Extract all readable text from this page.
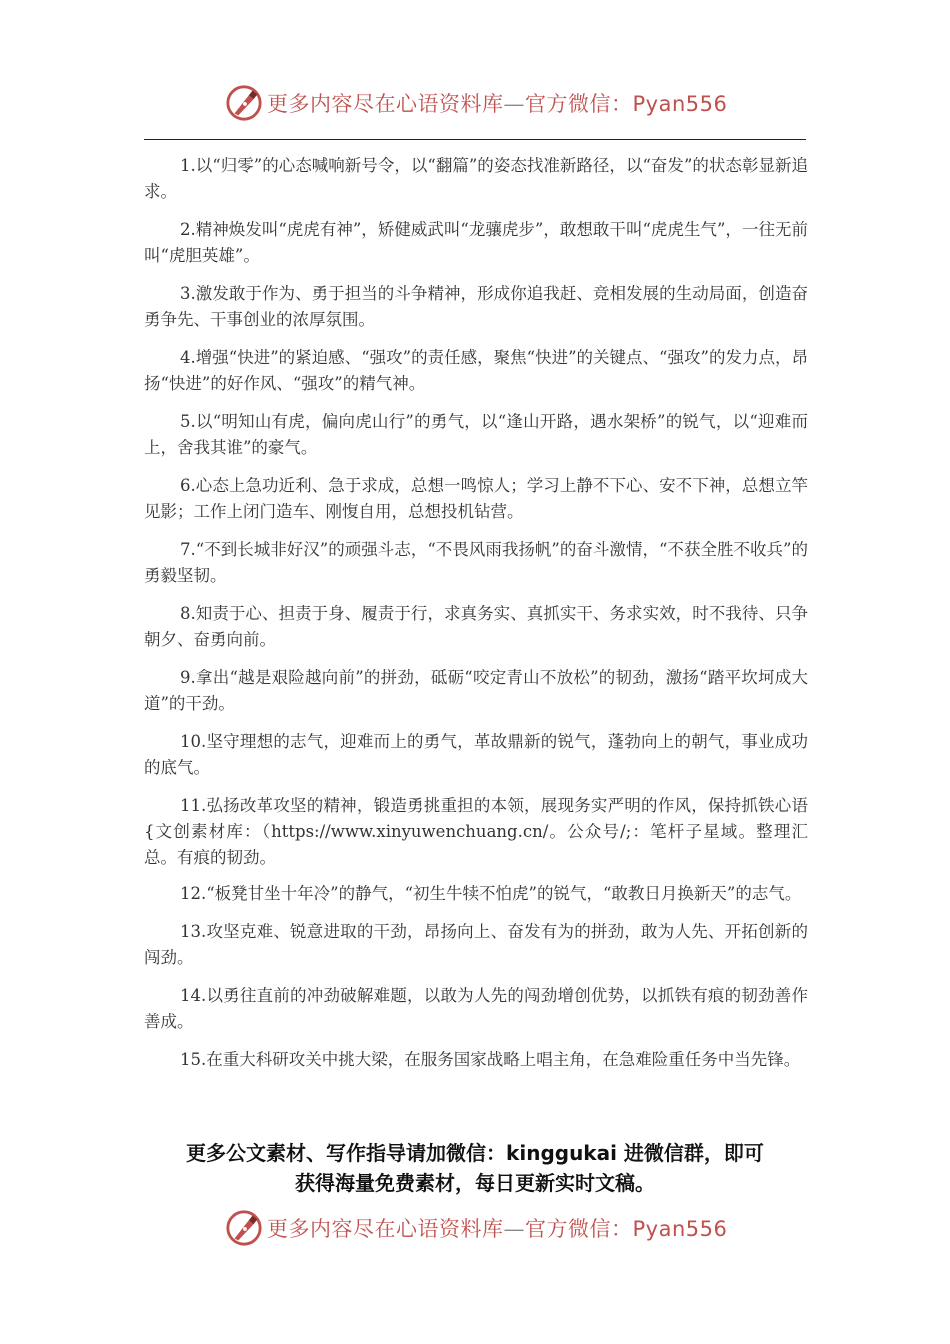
更多内容尽在心语资料库—官方微信：Pyan556

1.以“归零”的心态喊响新号令，以“翻篇”的姿态找准新路径，以“奋发”的状态彰显新追求。

2.精神焕发叫“虎虎有神”，矫健威武叫“龙骧虎步”，敢想敢干叫“虎虎生气”，一往无前叫“虎胆英雄”。

3.激发敢于作为、勇于担当的斗争精神，形成你追我赶、竞相发展的生动局面，创造奋勇争先、干事创业的浓厚氛围。

4.增强“快进”的紧迫感、“强攻”的责任感，聚焦“快进”的关键点、“强攻”的发力点，昂扬“快进”的好作风、“强攻”的精气神。

5.以“明知山有虎，偏向虎山行”的勇气，以“逢山开路，遇水架桥”的锐气，以“迎难而上，舍我其谁”的豪气。

6.心态上急功近利、急于求成，总想一鸣惊人；学习上静不下心、安不下神，总想立竿见影；工作上闭门造车、刚愎自用，总想投机钻营。

7.“不到长城非好汉”的顽强斗志，“不畏风雨我扬帆”的奋斗激情，“不获全胜不收兵”的勇毅坚韧。

8.知责于心、担责于身、履责于行，求真务实、真抓实干、务求实效，时不我待、只争朝夕、奋勇向前。

9.拿出“越是艰险越向前”的拼劲，砥砺“咬定青山不放松”的韧劲，激扬“踏平坎坷成大道”的干劲。

10.坚守理想的志气，迎难而上的勇气，革故鼎新的锐气，蓬勃向上的朝气，事业成功的底气。

11.弘扬改革攻坚的精神，锻造勇挑重担的本领，展现务实严明的作风，保持抓铁心语{文创素材库：（https://www.xinyuwenchuang.cn/。公众号/;：笔杆子星域。整理汇总。有痕的韧劲。

12.“板凳甘坐十年冷”的静气，“初生牛犊不怕虎”的锐气，“敢教日月换新天”的志气。

13.攻坚克难、锐意进取的干劲，昂扬向上、奋发有为的拼劲，敢为人先、开拓创新的闯劲。

14.以勇往直前的冲劲破解难题，以敢为人先的闯劲增创优势，以抓铁有痕的韧劲善作善成。

15.在重大科研攻关中挑大梁，在服务国家战略上唱主角，在急难险重任务中当先锋。

更多公文素材、写作指导请加微信：kinggukai 进微信群，即可
获得海量免费素材，每日更新实时文稿。
更多内容尽在心语资料库—官方微信：Pyan556
